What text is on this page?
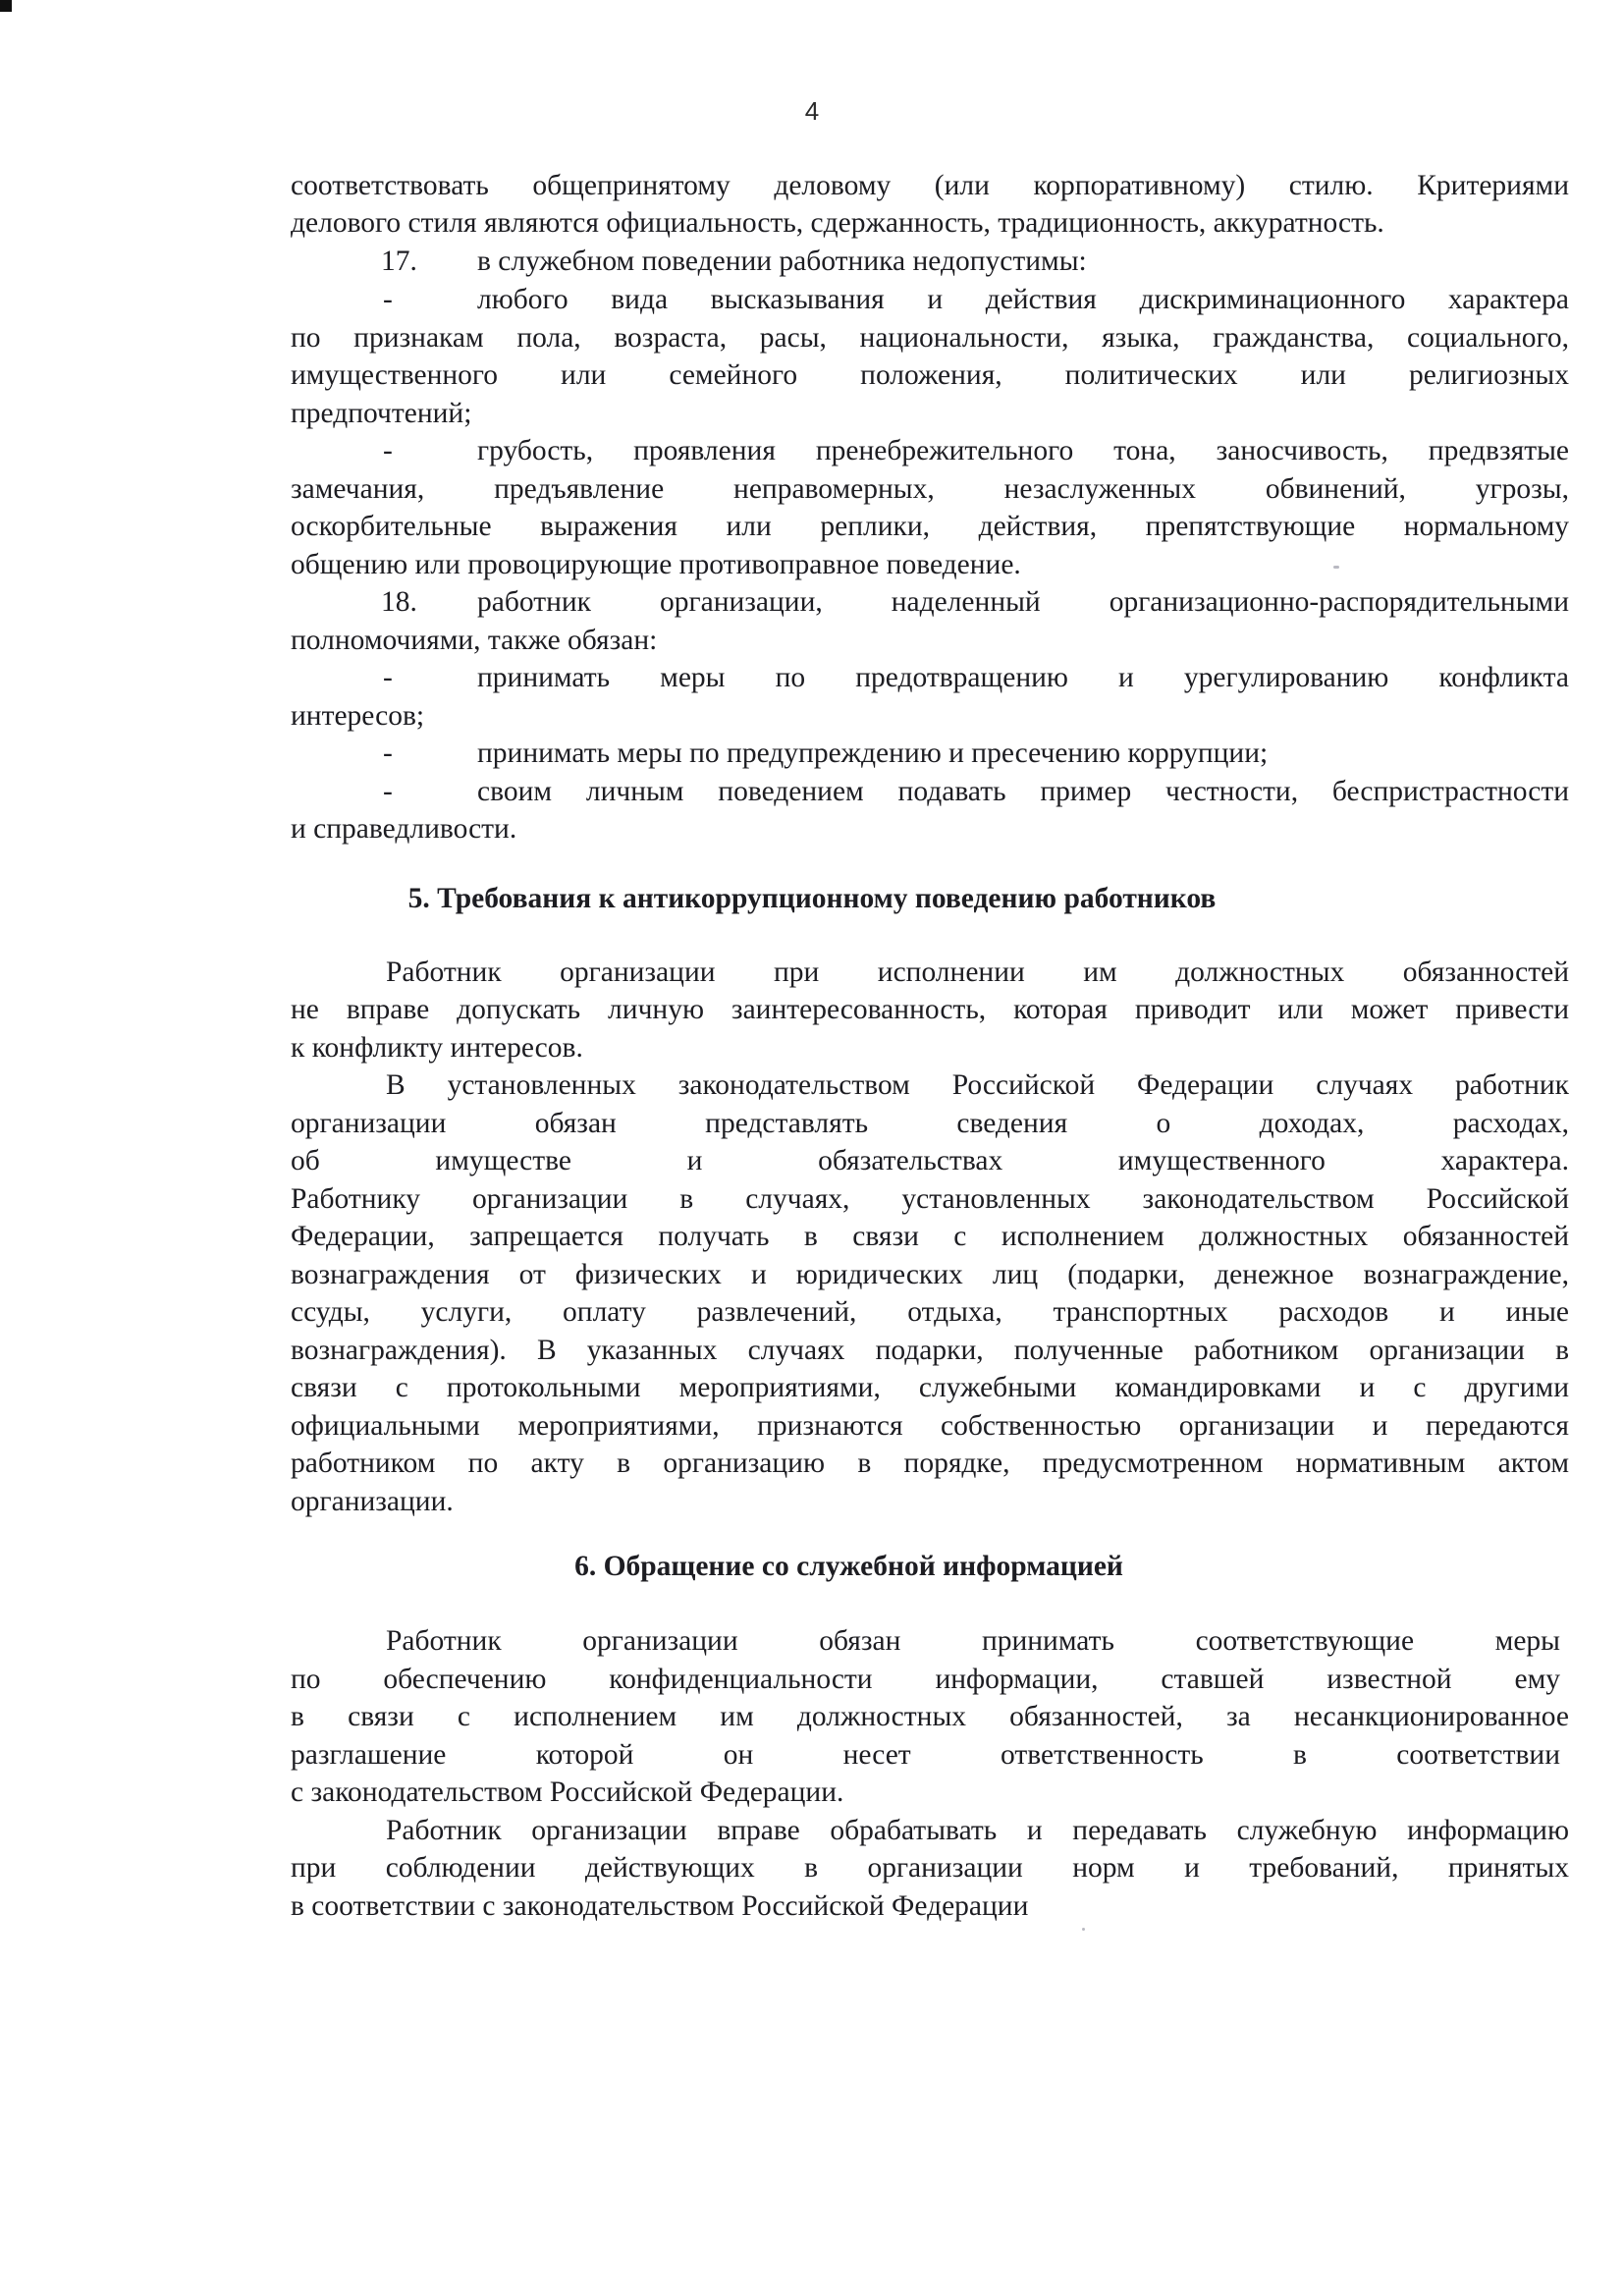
4
соответствовать общепринятому деловому (или корпоративному) стилю. Критериями
делового стиля являются официальность, сдержанность, традиционность, аккуратность.
17. в служебном поведении работника недопустимы:
-	любого вида высказывания и действия дискриминационного характера
по признакам пола, возраста, расы, национальности, языка, гражданства, социального,
имущественного или семейного положения, политических или религиозных
предпочтений;
-	грубость, проявления пренебрежительного тона, заносчивость, предвзятые
замечания, предъявление неправомерных, незаслуженных обвинений, угрозы,
оскорбительные выражения или реплики, действия, препятствующие нормальному
общению или провоцирующие противоправное поведение.
18. работник организации, наделенный организационно-распорядительными
полномочиями, также обязан:
-	принимать меры по предотвращению и урегулированию конфликта
интересов;
-	принимать меры по предупреждению и пресечению коррупции;
-	своим личным поведением подавать пример честности, беспристрастности
и справедливости.
5. Требования к антикоррупционному поведению работников
Работник организации при исполнении им должностных обязанностей
не вправе допускать личную заинтересованность, которая приводит или может привести
к конфликту интересов.
В установленных законодательством Российской Федерации случаях работник
организации обязан представлять сведения о доходах, расходах,
об имуществе и обязательствах имущественного характера.
Работнику организации в случаях, установленных законодательством Российской
Федерации, запрещается получать в связи с исполнением должностных обязанностей
вознаграждения от физических и юридических лиц (подарки, денежное вознаграждение,
ссуды, услуги, оплату развлечений, отдыха, транспортных расходов и иные
вознаграждения). В указанных случаях подарки, полученные работником организации в
связи с протокольными мероприятиями, служебными командировками и с другими
официальными мероприятиями, признаются собственностью организации и передаются
работником по акту в организацию в порядке, предусмотренном нормативным актом
организации.
6. Обращение со служебной информацией
Работник организации обязан принимать соответствующие меры
по обеспечению конфиденциальности информации, ставшей известной ему
в связи с исполнением им должностных обязанностей, за несанкционированное
разглашение которой он несет ответственность в соответствии
с законодательством Российской Федерации.
Работник организации вправе обрабатывать и передавать служебную информацию
при соблюдении действующих в организации норм и требований, принятых
в соответствии с законодательством Российской Федерации
